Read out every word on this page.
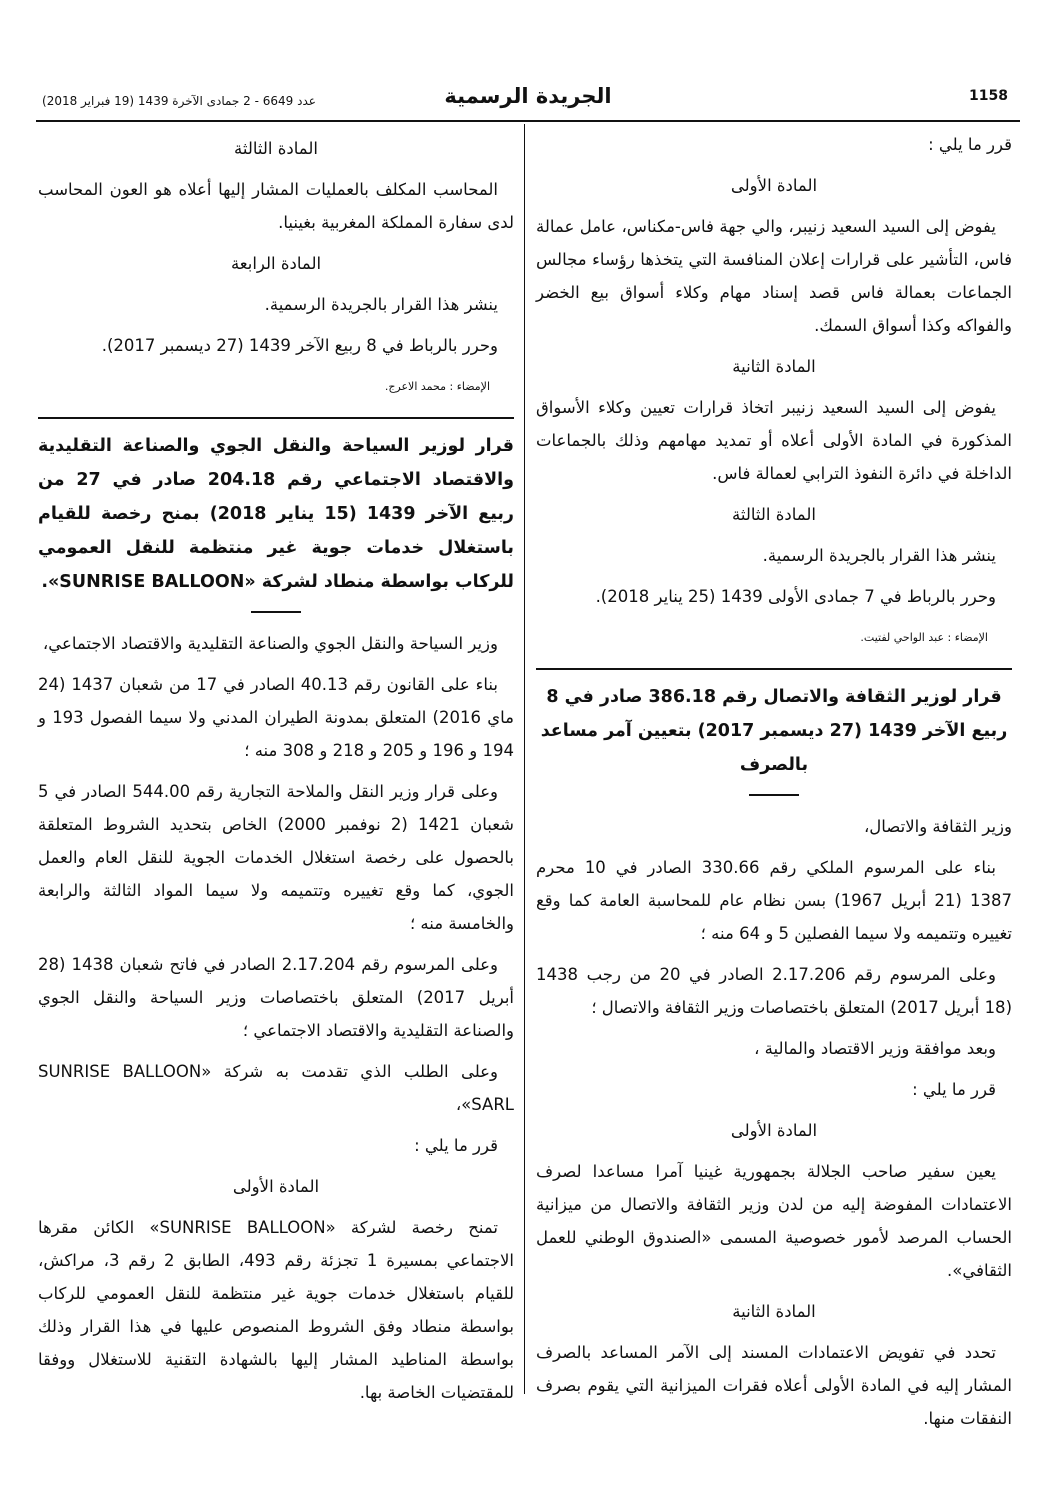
1158
الجريدة الرسمية
عدد 6649 - 2 جمادى الآخرة 1439 (19 فبراير 2018)

قرر ما يلي :

المادة الأولى

يفوض إلى السيد السعيد زنيبر، والي جهة فاس-مكناس، عامل عمالة فاس، التأشير على قرارات إعلان المنافسة التي يتخذها رؤساء مجالس الجماعات بعمالة فاس قصد إسناد مهام وكلاء أسواق بيع الخضر والفواكه وكذا أسواق السمك.

المادة الثانية

يفوض إلى السيد السعيد زنيبر اتخاذ قرارات تعيين وكلاء الأسواق المذكورة في المادة الأولى أعلاه أو تمديد مهامهم وذلك بالجماعات الداخلة في دائرة النفوذ الترابي لعمالة فاس.

المادة الثالثة

ينشر هذا القرار بالجريدة الرسمية.

وحرر بالرباط في 7 جمادى الأولى 1439 (25 يناير 2018).

الإمضاء : عبد الواحي لفتيت.
قرار لوزير الثقافة والاتصال رقم 386.18 صادر في 8 ربيع الآخر 1439 (27 ديسمبر 2017) بتعيين آمر مساعد بالصرف

وزير الثقافة والاتصال،

بناء على المرسوم الملكي رقم 330.66 الصادر في 10 محرم 1387 (21 أبريل 1967) بسن نظام عام للمحاسبة العامة كما وقع تغييره وتتميمه ولا سيما الفصلين 5 و 64 منه ؛

وعلى المرسوم رقم 2.17.206 الصادر في 20 من رجب 1438 (18 أبريل 2017) المتعلق باختصاصات وزير الثقافة والاتصال ؛

وبعد موافقة وزير الاقتصاد والمالية ،

قرر ما يلي :

المادة الأولى

يعين سفير صاحب الجلالة بجمهورية غينيا آمرا مساعدا لصرف الاعتمادات المفوضة إليه من لدن وزير الثقافة والاتصال من ميزانية الحساب المرصد لأمور خصوصية المسمى «الصندوق الوطني للعمل الثقافي».

المادة الثانية

تحدد في تفويض الاعتمادات المسند إلى الآمر المساعد بالصرف المشار إليه في المادة الأولى أعلاه فقرات الميزانية التي يقوم بصرف النفقات منها.

المادة الثالثة

المحاسب المكلف بالعمليات المشار إليها أعلاه هو العون المحاسب لدى سفارة المملكة المغربية بغينيا.

المادة الرابعة

ينشر هذا القرار بالجريدة الرسمية.

وحرر بالرباط في 8 ربيع الآخر 1439 (27 ديسمبر 2017).

الإمضاء : محمد الاعرج.
قرار لوزير السياحة والنقل الجوي والصناعة التقليدية والاقتصاد الاجتماعي رقم 204.18 صادر في 27 من ربيع الآخر 1439 (15 يناير 2018) بمنح رخصة للقيام باستغلال خدمات جوية غير منتظمة للنقل العمومي للركاب بواسطة منطاد لشركة «SUNRISE BALLOON».

وزير السياحة والنقل الجوي والصناعة التقليدية والاقتصاد الاجتماعي،

بناء على القانون رقم 40.13 الصادر في 17 من شعبان 1437 (24 ماي 2016) المتعلق بمدونة الطيران المدني ولا سيما الفصول 193 و 194 و 196 و 205 و 218 و 308 منه ؛

وعلى قرار وزير النقل والملاحة التجارية رقم 544.00 الصادر في 5 شعبان 1421 (2 نوفمبر 2000) الخاص بتحديد الشروط المتعلقة بالحصول على رخصة استغلال الخدمات الجوية للنقل العام والعمل الجوي، كما وقع تغييره وتتميمه ولا سيما المواد الثالثة والرابعة والخامسة منه ؛

وعلى المرسوم رقم 2.17.204 الصادر في فاتح شعبان 1438 (28 أبريل 2017) المتعلق باختصاصات وزير السياحة والنقل الجوي والصناعة التقليدية والاقتصاد الاجتماعي ؛

وعلى الطلب الذي تقدمت به شركة «SUNRISE BALLOON SARL»،

قرر ما يلي :

المادة الأولى

تمنح رخصة لشركة «SUNRISE BALLOON» الكائن مقرها الاجتماعي بمسيرة 1 تجزئة رقم 493، الطابق 2 رقم 3، مراكش، للقيام باستغلال خدمات جوية غير منتظمة للنقل العمومي للركاب بواسطة منطاد وفق الشروط المنصوص عليها في هذا القرار وذلك بواسطة المناطيد المشار إليها بالشهادة التقنية للاستغلال ووفقا للمقتضيات الخاصة بها.
